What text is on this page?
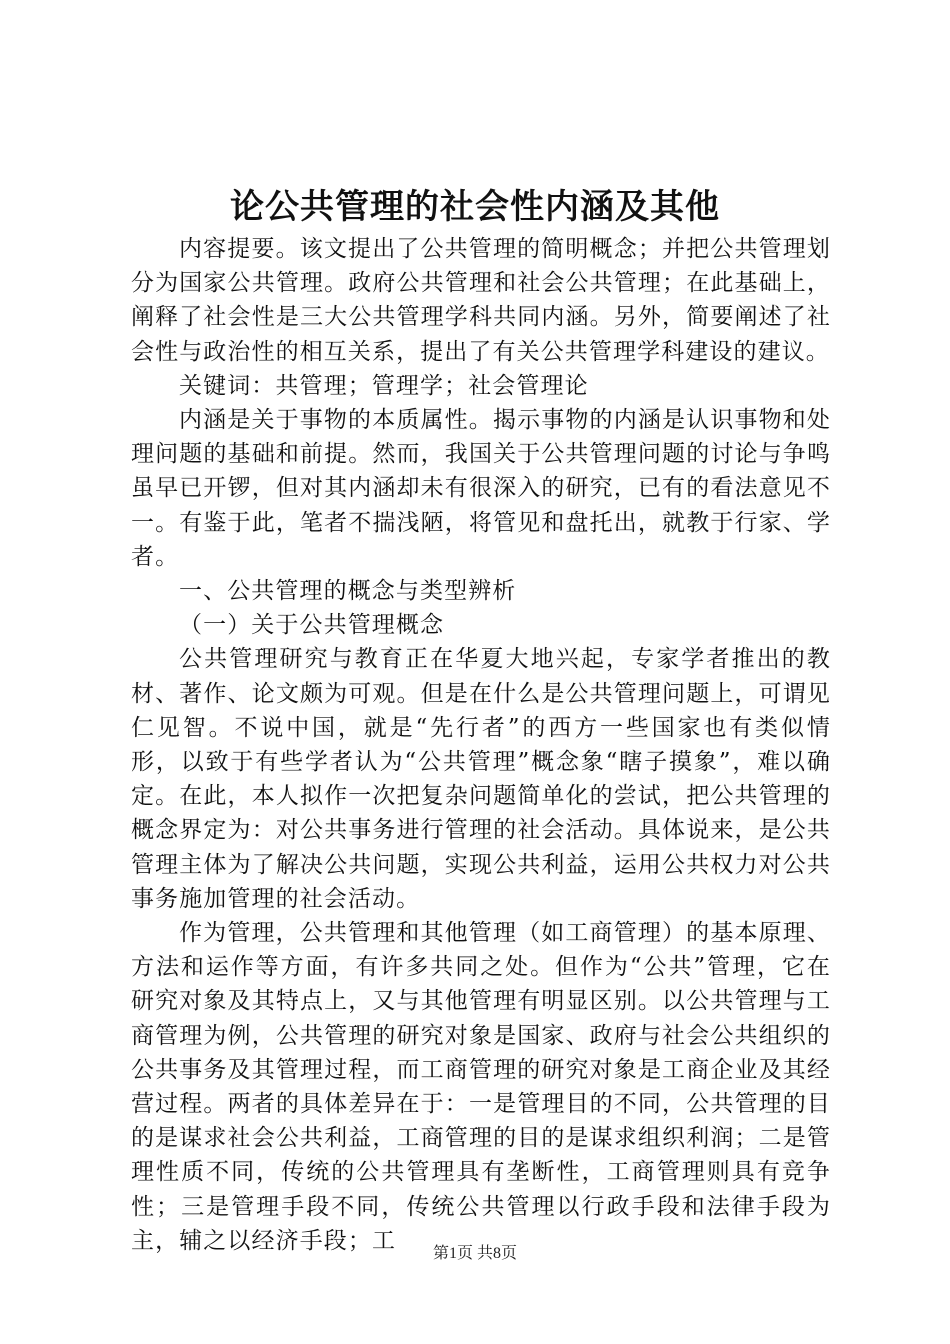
论公共管理的社会性内涵及其他

内容提要。该文提出了公共管理的简明概念；并把公共管理划分为国家公共管理。政府公共管理和社会公共管理；在此基础上，阐释了社会性是三大公共管理学科共同内涵。另外，简要阐述了社会性与政治性的相互关系，提出了有关公共管理学科建设的建议。

关键词：共管理；管理学；社会管理论

内涵是关于事物的本质属性。揭示事物的内涵是认识事物和处理问题的基础和前提。然而，我国关于公共管理问题的讨论与争鸣虽早已开锣，但对其内涵却未有很深入的研究，已有的看法意见不一。有鉴于此，笔者不揣浅陋，将管见和盘托出，就教于行家、学者。

一、公共管理的概念与类型辨析

（一）关于公共管理概念

公共管理研究与教育正在华夏大地兴起，专家学者推出的教材、著作、论文颇为可观。但是在什么是公共管理问题上，可谓见仁见智。不说中国，就是“先行者”的西方一些国家也有类似情形，以致于有些学者认为“公共管理”概念象“瞎子摸象”，难以确定。在此，本人拟作一次把复杂问题简单化的尝试，把公共管理的概念界定为：对公共事务进行管理的社会活动。具体说来，是公共管理主体为了解决公共问题，实现公共利益，运用公共权力对公共事务施加管理的社会活动。

作为管理，公共管理和其他管理（如工商管理）的基本原理、方法和运作等方面，有许多共同之处。但作为“公共”管理，它在研究对象及其特点上，又与其他管理有明显区别。以公共管理与工商管理为例，公共管理的研究对象是国家、政府与社会公共组织的公共事务及其管理过程，而工商管理的研究对象是工商企业及其经营过程。两者的具体差异在于：一是管理目的不同，公共管理的目的是谋求社会公共利益，工商管理的目的是谋求组织利润；二是管理性质不同，传统的公共管理具有垄断性，工商管理则具有竞争性；三是管理手段不同，传统公共管理以行政手段和法律手段为主，辅之以经济手段；工	第1页 共8页
